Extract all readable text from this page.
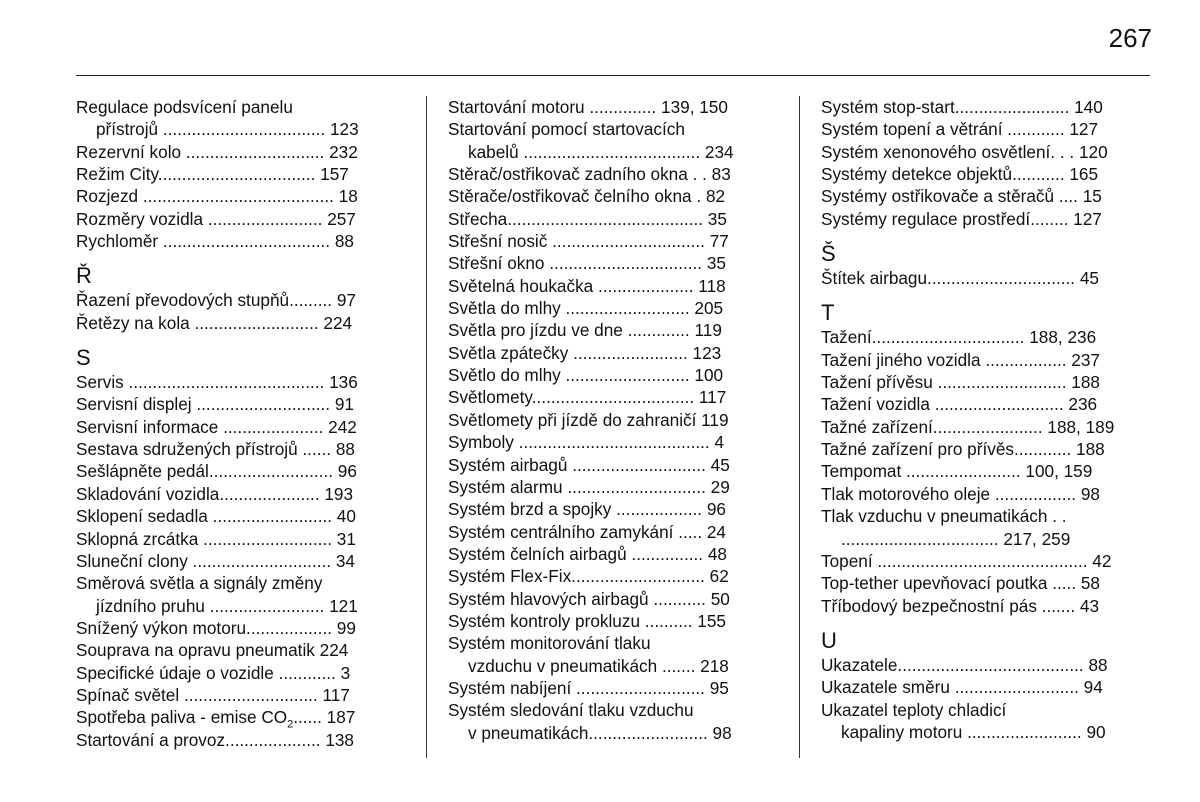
267
Regulace podsvícení panelu
přístrojů .................................. 123
Rezervní kolo ............................. 232
Režim City................................. 157
Rozjezd ........................................ 18
Rozměry vozidla ........................ 257
Rychloměr ................................... 88
Ř
Řazení převodových stupňů......... 97
Řetězy na kola .......................... 224
S
Servis ......................................... 136
Servisní displej ............................ 91
Servisní informace ..................... 242
Sestava sdružených přístrojů ...... 88
Sešlápněte pedál.......................... 96
Skladování vozidla..................... 193
Sklopení sedadla ......................... 40
Sklopná zrcátka ........................... 31
Sluneční clony ............................. 34
Směrová světla a signály změny
jízdního pruhu ........................ 121
Snížený výkon motoru.................. 99
Souprava na opravu pneumatik 224
Specifické údaje o vozidle ............ 3
Spínač světel ............................ 117
Spotřeba paliva - emise $CO_2$...... 187
Startování a provoz.................... 138
Startování motoru .............. 139, 150
Startování pomocí startovacích
kabelů ..................................... 234
Stěrač/ostřikovač zadního okna . . 83
Stěrače/ostřikovač čelního okna . 82
Střecha......................................... 35
Střešní nosič ................................ 77
Střešní okno ................................ 35
Světelná houkačka .................... 118
Světla do mlhy .......................... 205
Světla pro jízdu ve dne ............. 119
Světla zpátečky ........................ 123
Světlo do mlhy .......................... 100
Světlomety.................................. 117
Světlomety při jízdě do zahraničí 119
Symboly ........................................ 4
Systém airbagů ............................ 45
Systém alarmu ............................. 29
Systém brzd a spojky .................. 96
Systém centrálního zamykání ..... 24
Systém čelních airbagů ............... 48
Systém Flex-Fix............................ 62
Systém hlavových airbagů ........... 50
Systém kontroly prokluzu .......... 155
Systém monitorování tlaku
vzduchu v pneumatikách ....... 218
Systém nabíjení ........................... 95
Systém sledování tlaku vzduchu
v pneumatikách......................... 98
Systém stop-start........................ 140
Systém topení a větrání ............ 127
Systém xenonového osvětlení. . . 120
Systémy detekce objektů........... 165
Systémy ostřikovače a stěračů .... 15
Systémy regulace prostředí........ 127
Š
Štítek airbagu............................... 45
T
Tažení................................ 188, 236
Tažení jiného vozidla ................. 237
Tažení přívěsu ........................... 188
Tažení vozidla ........................... 236
Tažné zařízení....................... 188, 189
Tažné zařízení pro přívěs............ 188
Tempomat ........................ 100, 159
Tlak motorového oleje ................. 98
Tlak vzduchu v pneumatikách . .
................................. 217, 259
Topení ............................................ 42
Top-tether upevňovací poutka ..... 58
Tříbodový bezpečnostní pás ....... 43
U
Ukazatele....................................... 88
Ukazatele směru .......................... 94
Ukazatel teploty chladicí
kapaliny motoru ........................ 90
